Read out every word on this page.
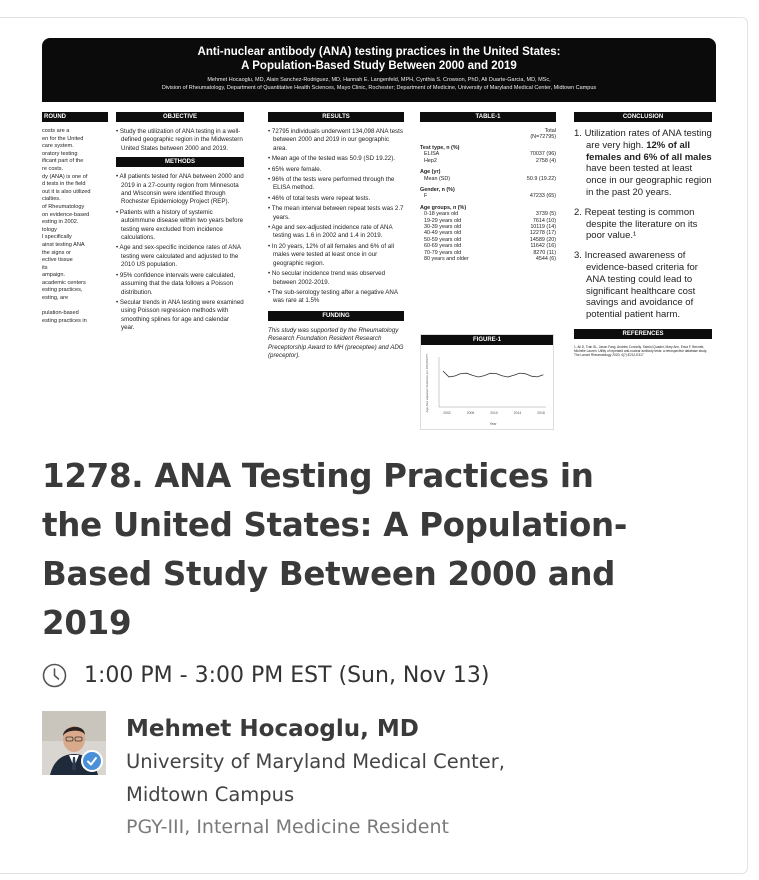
Anti-nuclear antibody (ANA) testing practices in the United States:
A Population-Based Study Between 2000 and 2019
Mehmet Hocaoglu, MD, Alain Sanchez-Rodriguez, MD, Hannah E. Langenfeld, MPH, Cynthia S. Crowson, PhD, Ali Duarte-Garcia, MD, MSc,
Division of Rheumatology, Department of Quantitative Health Sciences, Mayo Clinic, Rochester; Department of Medicine, University of Maryland Medical Center, Midtown Campus
ROUND
costs are a
en for the United
care system.
oratory testing
ificant part of the
re costs.
dy (ANA) is one of
d tests in the field
out it is also utilized
cialties.
of Rheumatology
on evidence-based
esting in 2002.
tology
l specifically
ainst testing ANA
the signs or
ective tissue
its
ampaign.
academic centers
esting practices,
esting, are

pulation-based
esting practices in
OBJECTIVE

• Study the utilization of ANA testing in a well-defined geographic region in the Midwestern United States between 2000 and 2019.

METHODS

• All patients tested for ANA between 2000 and 2019 in a 27-county region from Minnesota and Wisconsin were identified through Rochester Epidemiology Project (REP).

• Patients with a history of systemic autoimmune disease within two years before testing were excluded from incidence calculations.

• Age and sex-specific incidence rates of ANA testing were calculated and adjusted to the 2010 US population.

• 95% confidence intervals were calculated, assuming that the data follows a Poisson distribution.

• Secular trends in ANA testing were examined using Poisson regression methods with smoothing splines for age and calendar year.

RESULTS

• 72795 individuals underwent 134,098 ANA tests between 2000 and 2019 in our geographic area.

• Mean age of the tested was 50.9 (SD 19.22).

• 65% were female.

• 96% of the tests were performed through the ELISA method.

• 46% of total tests were repeat tests.

• The mean interval between repeat tests was 2.7 years.

• Age and sex-adjusted incidence rate of ANA testing was 1.6 in 2002 and 1.4 in 2019.

• In 20 years, 12% of all females and 6% of all males were tested at least once in our geographic region.

• No secular incidence trend was observed between 2002-2019.

• The sub-serology testing after a negative ANA was rare at 1.5%

FUNDING

This study was supported by the Rheumatology Research Foundation Resident Research Preceptorship Award to MH (preceptee) and ADG (preceptor).

TABLE-1
Total
(N=72795)
Test type, n (%)	
ELISA	70037 (96)
Hep2	2758 (4)
Age (yr)	
Mean (SD)	50.9 (19.22)
Gender, n (%)	
F	47233 (65)
Age groups, n (%)	
0-18 years old	3739 (5)
19-29 years old	7614 (10)
30-39 years old	10119 (14)
40-49 years old	12278 (17)
50-59 years old	14589 (20)
60-69 years old	11642 (16)
70-79 years old	8270 (11)
80 years and older	4544 (6)
FIGURE-1
2002	2006	2010	2014	2018
Year
Age-Sex adjusted incidence per 100,000 PY
CONCLUSION

1. Utilization rates of ANA testing are very high. 12% of all females and 6% of all males have been tested at least once in our geographic region in the past 20 years.

2. Repeat testing is common despite the literature on its poor value.¹

3. Increased awareness of evidence-based criteria for ANA testing could lead to significant healthcare cost savings and avoidance of potential patient harm.

REFERENCES

1. Ali D, Tran SL, Jason Fang, Andrew Connolly, Samiul Quader, Mary Ann, Erica F, Bennett, Michelle Lauren. Utility of repeated anti-nuclear antibody tests: a retrospective database study. The Lancet Rheumatology 2020; 4(7):E212-E317

1278. ANA Testing Practices in the United States: A Population-Based Study Between 2000 and 2019
1:00 PM - 3:00 PM EST (Sun, Nov 13)
Mehmet Hocaoglu, MD
University of Maryland Medical Center, Midtown Campus
PGY-III, Internal Medicine Resident
